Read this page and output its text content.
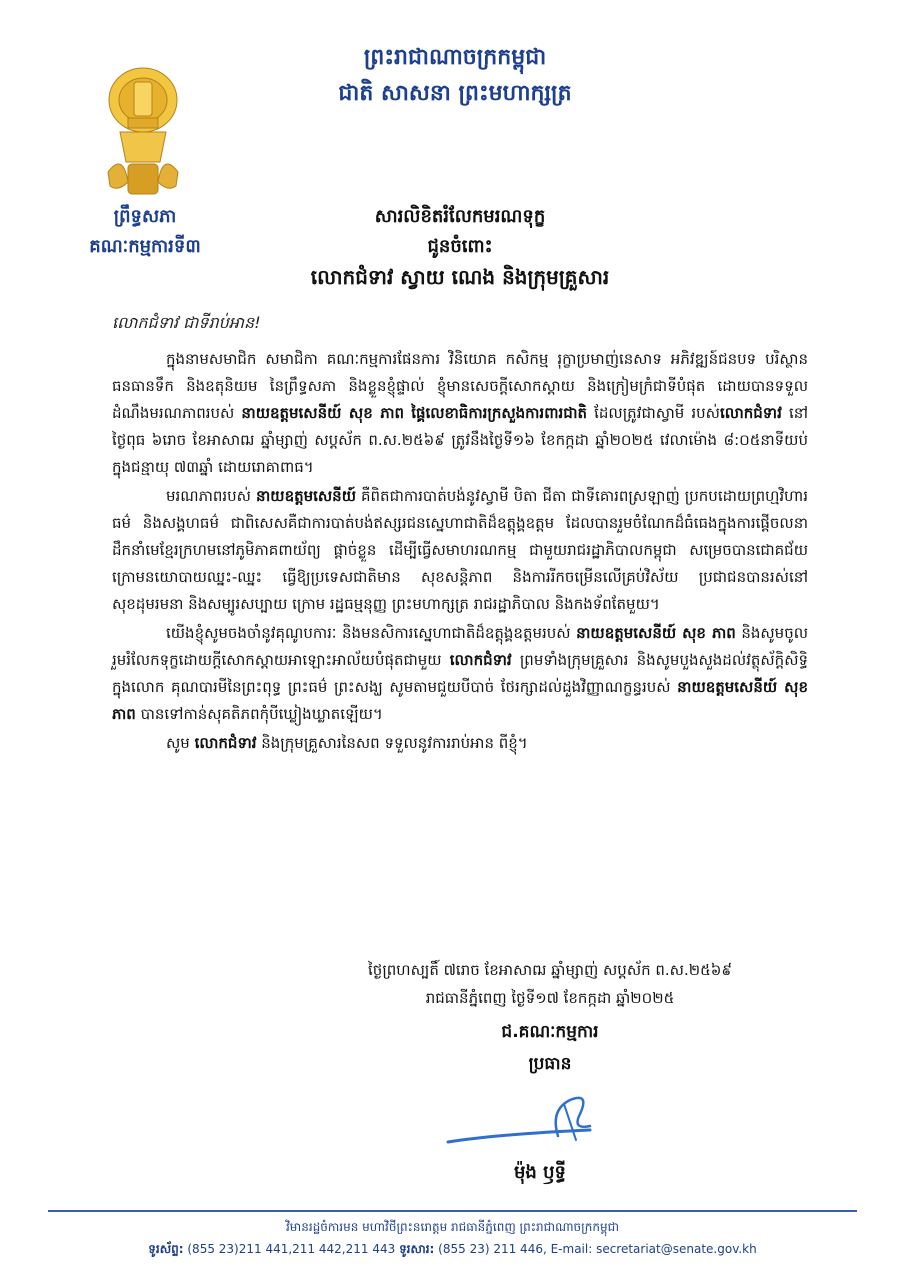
ព្រះរាជាណាចក្រកម្ពុជា
ជាតិ សាសនា ព្រះមហាក្សត្រ
ព្រឹទ្ធសភា
គណៈកម្មការទី៣
សារលិខិតរំលែកមរណទុក្ខ
ជូនចំពោះ
លោកជំទាវ ស្វាយ ណេង និងក្រុមគ្រួសារ
លោកជំទាវ ជាទីរាប់អាន!

ក្នុងនាមសមាជិក សមាជិកា គណៈកម្មការផែនការ វិនិយោគ កសិកម្ម រុក្ខាប្រមាញ់នេសាទ អភិវឌ្ឍន៍ជនបទ បរិស្ថាន ធនធានទឹក និងឧតុនិយម នៃព្រឹទ្ធសភា និងខ្លួនខ្ញុំផ្ទាល់ ខ្ញុំមានសេចក្ដីសោកស្ដាយ និងក្រៀមក្រំជាទីបំផុត ដោយបានទទួលដំណឹងមរណភាពរបស់ នាយឧត្ដមសេនីយ៍ សុខ ភាព ផ្គៃលេខាធិការក្រសួងការពារជាតិ ដែលត្រូវជាស្វាមី របស់លោកជំទាវ នៅថ្ងៃពុធ ៦រោច ខែអាសាឍ ឆ្នាំម្សាញ់ សប្តស័ក ព.ស.២៥៦៩ ត្រូវនឹងថ្ងៃទី១៦ ខែកក្កដា ឆ្នាំ២០២៥ វេលាម៉ោង ៨:០៥នាទីយប់ ក្នុងជន្មាយុ ៧៣ឆ្នាំ ដោយរោគាពាធ។

មរណភាពរបស់ នាយឧត្ដមសេនីយ៍ គឺពិតជាការបាត់បង់នូវស្វាមី បិតា ជីតា ជាទីគោរពស្រឡាញ់ ប្រកបដោយព្រហ្មវិហារធម៌ និងសង្គហធម៌ ជាពិសេសគឺជាការបាត់បង់ឥស្សរជនស្នេហាជាតិដ៏ឧត្ដុង្គឧត្ដម ដែលបានរួមចំណែកដ៏ធំធេងក្នុងការផ្ដើចលនាដឹកនាំមេខ្មែរក្រហមនៅភូមិភាគពាយ័ព្យ ផ្ដាច់ខ្លួន ដើម្បីធ្វើសមាហរណកម្ម ជាមួយរាជរដ្ឋាភិបាលកម្ពុជា សម្រេចបានជោគជ័យក្រោមនយោបាយឈ្នះ-ឈ្នះ ធ្វើឱ្យប្រទេសជាតិមាន សុខសន្តិភាព និងការរីកចម្រើនលើគ្រប់វិស័យ ប្រជាជនបានរស់នៅសុខដុមរមនា និងសម្បូរសប្បាយ ក្រោម រដ្ឋធម្មនុញ្ញ ព្រះមហាក្សត្រ រាជរដ្ឋាភិបាល និងកងទ័ពតែមួយ។

យើងខ្ញុំសូមចងចាំនូវគុណូបការៈ និងមនសិការស្នេហាជាតិដ៏ឧត្ដុង្គឧត្ដមរបស់ នាយឧត្ដមសេនីយ៍ សុខ ភាព និងសូមចូលរួមរំលែកទុក្ខដោយក្ដីសោកស្ដាយអាឡោះអាល័យបំផុតជាមួយ លោកជំទាវ ព្រមទាំងក្រុមគ្រួសារ និងសូមបួងសួងដល់វត្ថុស័ក្ដិសិទ្ធិក្នុងលោក គុណបារមីនៃព្រះពុទ្ធ ព្រះធម៌ ព្រះសង្ឃ សូមតាមជួយបីបាច់ ថែរក្សាដល់ដួងវិញ្ញាណក្ខន្ធរបស់ នាយឧត្ដមសេនីយ៍ សុខ ភាព បានទៅកាន់សុគតិភពកុំបីឃ្លៀងឃ្លាតឡើយ។

សូម លោកជំទាវ និងក្រុមគ្រួសារនៃសព ទទួលនូវការរាប់អាន ពីខ្ញុំ។

ថ្ងៃព្រហស្បតិ៍ ៧រោច ខែអាសាឍ ឆ្នាំម្សាញ់ សប្តស័ក ព.ស.២៥៦៩
រាជធានីភ្នំពេញ ថ្ងៃទី១៧ ខែកក្កដា ឆ្នាំ២០២៥
ជ.គណៈកម្មការ
ប្រធាន
ម៉ុង ឫទ្ធី
វិមានរដ្ឋចំការមន មហាវិថីព្រះនរោត្តម រាជធានីភ្នំពេញ ព្រះរាជាណាចក្រកម្ពុជា
ទូរស័ព្ទ: (855 23)211 441,211 442,211 443 ទូរសារ: (855 23) 211 446, E-mail: secretariat@senate.gov.kh
